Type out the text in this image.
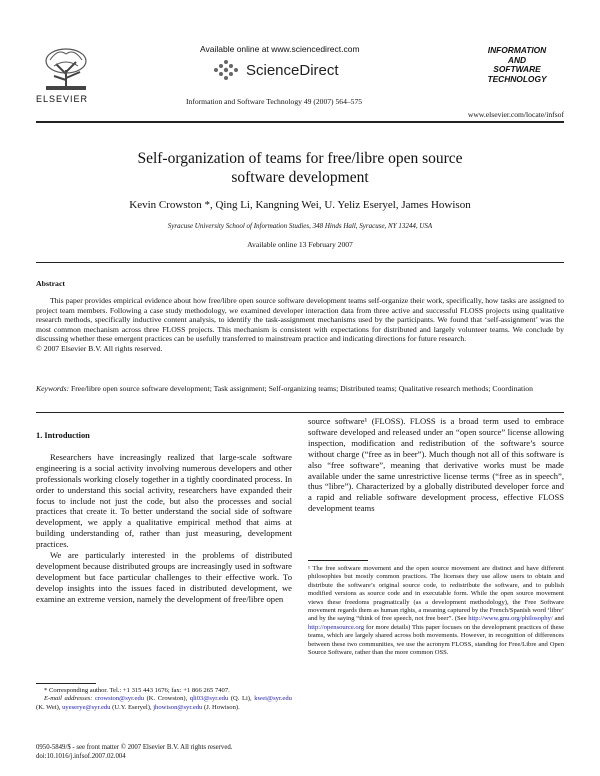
Available online at www.sciencedirect.com
ScienceDirect
ELSEVIER	Information and Software Technology 49 (2007) 564–575
INFORMATION
AND
SOFTWARE
TECHNOLOGY
www.elsevier.com/locate/infsof
Self-organization of teams for free/libre open source
software development
Kevin Crowston *, Qing Li, Kangning Wei, U. Yeliz Eseryel, James Howison
Syracuse University School of Information Studies, 348 Hinds Hall, Syracuse, NY 13244, USA
Available online 13 February 2007
Abstract

This paper provides empirical evidence about how free/libre open source software development teams self-organize their work, specifically, how tasks are assigned to project team members. Following a case study methodology, we examined developer interaction data from three active and successful FLOSS projects using qualitative research methods, specifically inductive content analysis, to identify the task-assignment mechanisms used by the participants. We found that ‘self-assignment’ was the most common mechanism across three FLOSS projects. This mechanism is consistent with expectations for distributed and largely volunteer teams. We conclude by discussing whether these emergent practices can be usefully transferred to mainstream practice and indicating directions for future research.

© 2007 Elsevier B.V. All rights reserved.
Keywords: Free/libre open source software development; Task assignment; Self-organizing teams; Distributed teams; Qualitative research methods; Coordination
1. Introduction

Researchers have increasingly realized that large-scale software engineering is a social activity involving numerous developers and other professionals working closely together in a tightly coordinated process. In order to understand this social activity, researchers have expanded their focus to include not just the code, but also the processes and social practices that create it. To better understand the social side of software development, we apply a qualitative empirical method that aims at building understanding of, rather than just measuring, development practices.

We are particularly interested in the problems of distributed development because distributed groups are increasingly used in software development but face particular challenges to their effective work. To develop insights into the issues faced in distributed development, we examine an extreme version, namely the development of free/libre open

source software¹ (FLOSS). FLOSS is a broad term used to embrace software developed and released under an “open source” license allowing inspection, modification and redistribution of the software’s source without charge (“free as in beer”). Much though not all of this software is also “free software”, meaning that derivative works must be made available under the same unrestrictive license terms (“free as in speech”, thus “libre”). Characterized by a globally distributed developer force and a rapid and reliable software development process, effective FLOSS development teams

* Corresponding author. Tel.: +1 315 443 1676; fax: +1 866 265 7407.
E-mail addresses: crowston@syr.edu (K. Crowston), qli03@syr.edu (Q. Li), kwei@syr.edu (K. Wei), uyeserye@syr.edu (U.Y. Eseryel), jhowison@syr.edu (J. Howison).
¹ The free software movement and the open source movement are distinct and have different philosophies but mostly common practices. The licenses they use allow users to obtain and distribute the software’s original source code, to redistribute the software, and to publish modified versions as source code and in executable form. While the open source movement views these freedoms pragmatically (as a development methodology), the Free Software movement regards them as human rights, a meaning captured by the French/Spanish word ‘libre’ and by the saying “think of free speech, not free beer”. (See http://www.gnu.org/philosophy/ and http://opensource.org for more details) This paper focuses on the development practices of these teams, which are largely shared across both movements. However, in recognition of differences between these two communities, we use the acronym FLOSS, standing for Free/Libre and Open Source Software, rather than the more common OSS.
0950-5849/$ - see front matter © 2007 Elsevier B.V. All rights reserved.
doi:10.1016/j.infsof.2007.02.004
